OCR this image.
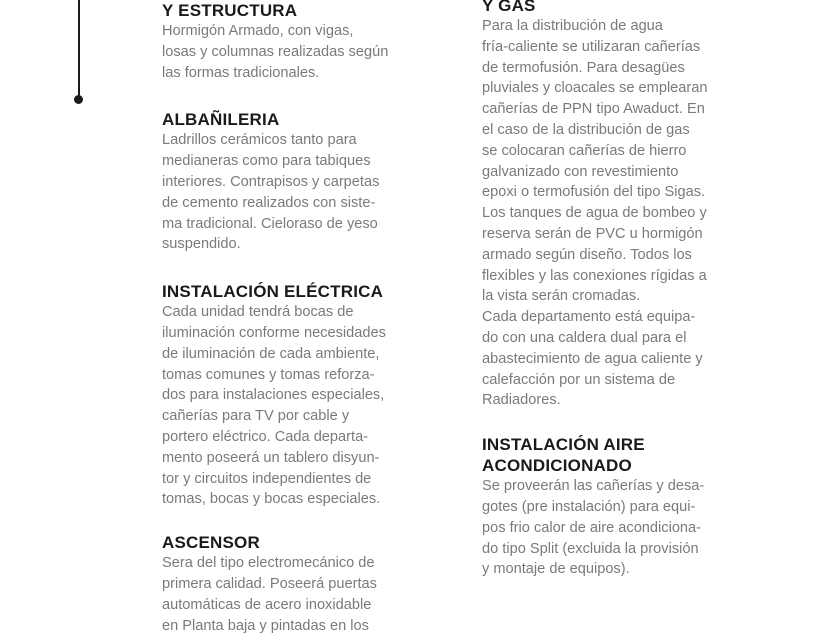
Y ESTRUCTURA

Hormigón Armado, con vigas,
losas y columnas realizadas según
las formas tradicionales.

ALBAÑILERIA

Ladrillos cerámicos tanto para
medianeras como para tabiques
interiores. Contrapisos y carpetas
de cemento realizados con siste-
ma tradicional. Cieloraso de yeso
suspendido.

INSTALACIÓN ELÉCTRICA

Cada unidad tendrá bocas de
iluminación conforme necesidades
de iluminación de cada ambiente,
tomas comunes y tomas reforza-
dos para instalaciones especiales,
cañerías para TV por cable y
portero eléctrico. Cada departa-
mento poseerá un tablero disyun-
tor y circuitos independientes de
tomas, bocas y bocas especiales.

ASCENSOR

Sera del tipo electromecánico de
primera calidad. Poseerá puertas
automáticas de acero inoxidable
en Planta baja y pintadas en los

Y GAS

Para la distribución de agua
fría-caliente se utilizaran cañerías
de termofusión. Para desagües
pluviales y cloacales se emplearan
cañerías de PPN tipo Awaduct. En
el caso de la distribución de gas
se colocaran cañerías de hierro
galvanizado con revestimiento
epoxi o termofusión del tipo Sigas.
Los tanques de agua de bombeo y
reserva serán de PVC u hormigón
armado según diseño. Todos los
flexibles y las conexiones rígidas a
la vista serán cromadas.
Cada departamento está equipa-
do con una caldera dual para el
abastecimiento de agua caliente y
calefacción por un sistema de
Radiadores.

INSTALACIÓN AIRE
ACONDICIONADO

Se proveerán las cañerías y desa-
gotes (pre instalación) para equi-
pos frio calor de aire acondiciona-
do tipo Split (excluida la provisión
y montaje de equipos).
